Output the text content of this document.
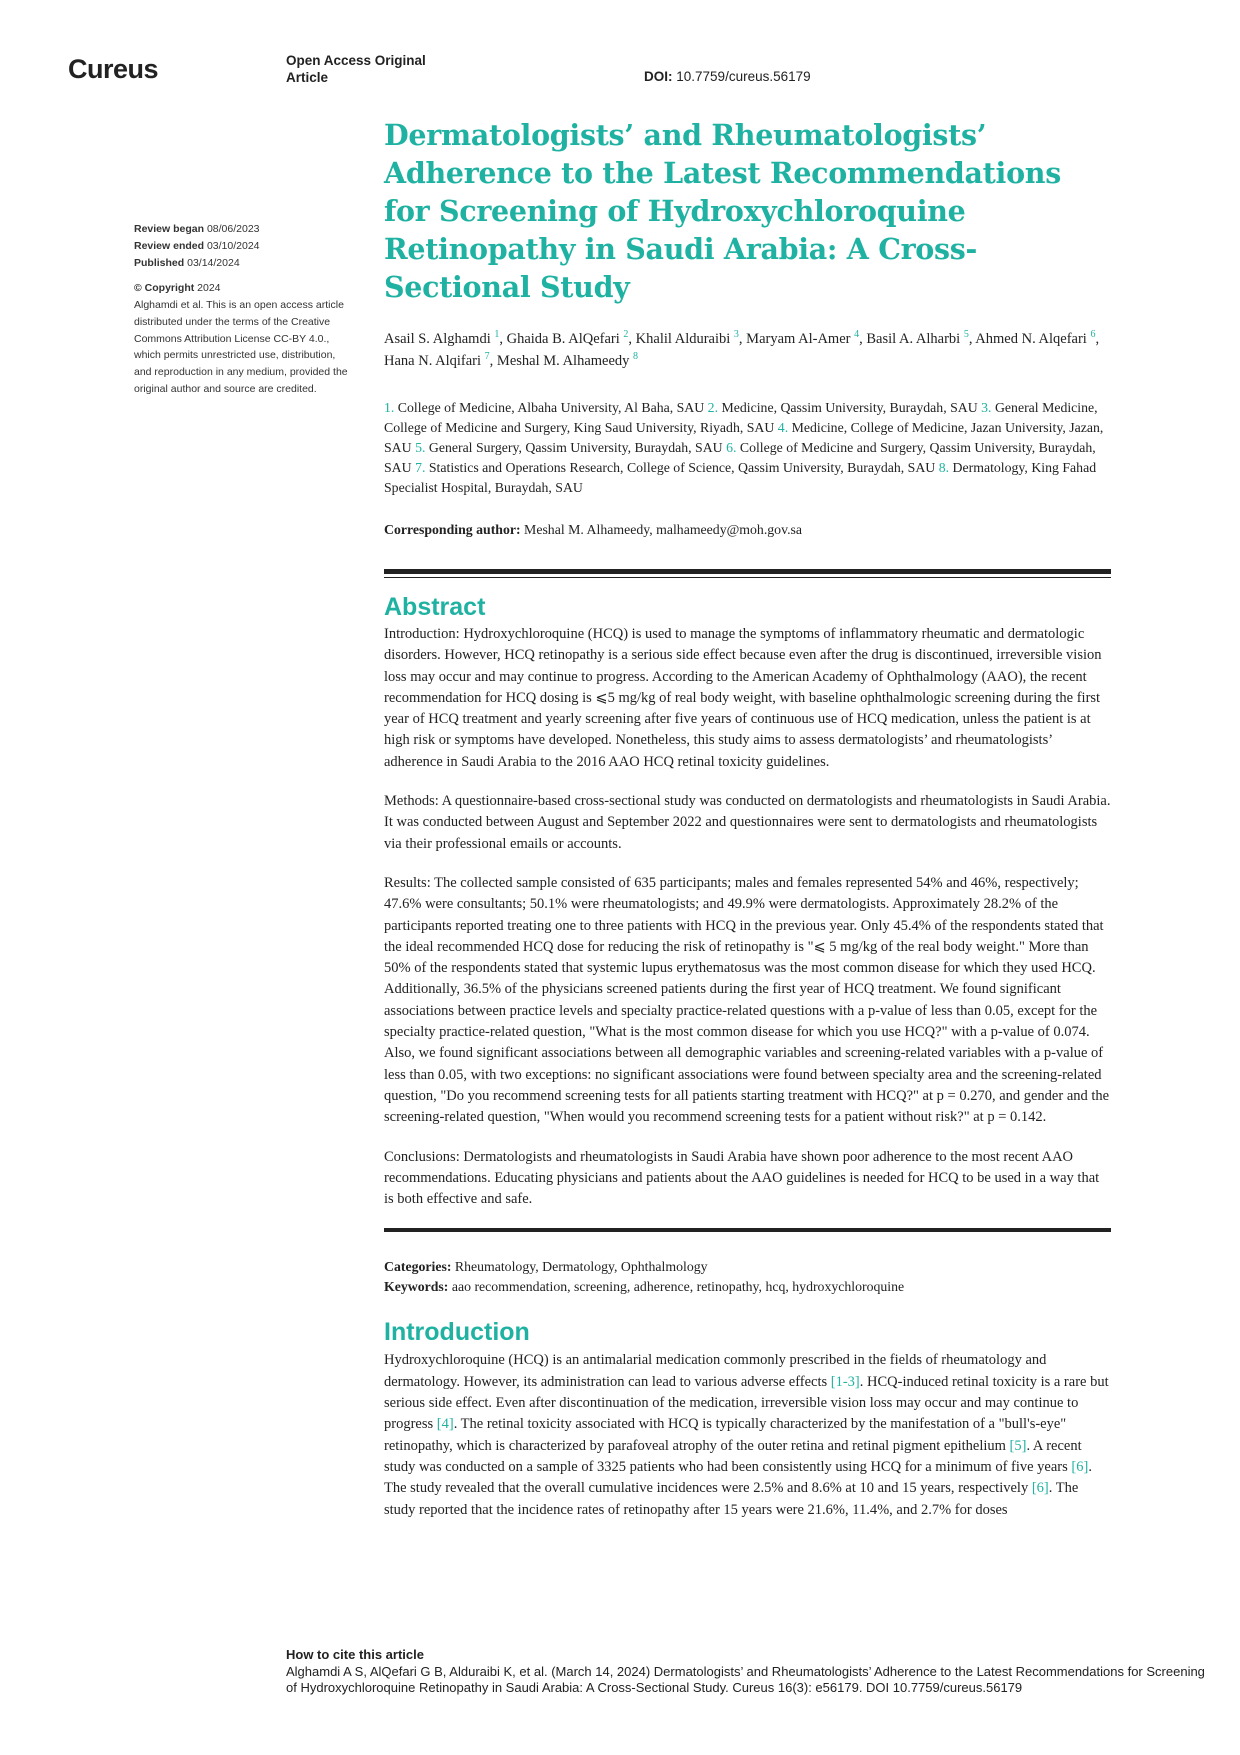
Cureus	Open Access Original Article	DOI: 10.7759/cureus.56179
Review began 08/06/2023
Review ended 03/10/2024
Published 03/14/2024
© Copyright 2024
Alghamdi et al. This is an open access article distributed under the terms of the Creative Commons Attribution License CC-BY 4.0., which permits unrestricted use, distribution, and reproduction in any medium, provided the original author and source are credited.
Dermatologists’ and Rheumatologists’ Adherence to the Latest Recommendations for Screening of Hydroxychloroquine Retinopathy in Saudi Arabia: A Cross-Sectional Study
Asail S. Alghamdi $^1$, Ghaida B. AlQefari $^2$, Khalil Alduraibi $^3$, Maryam Al-Amer $^4$, Basil A. Alharbi $^5$, Ahmed N. Alqefari $^6$, Hana N. Alqifari $^7$, Meshal M. Alhameedy $^8$
1. College of Medicine, Albaha University, Al Baha, SAU 2. Medicine, Qassim University, Buraydah, SAU 3. General Medicine, College of Medicine and Surgery, King Saud University, Riyadh, SAU 4. Medicine, College of Medicine, Jazan University, Jazan, SAU 5. General Surgery, Qassim University, Buraydah, SAU 6. College of Medicine and Surgery, Qassim University, Buraydah, SAU 7. Statistics and Operations Research, College of Science, Qassim University, Buraydah, SAU 8. Dermatology, King Fahad Specialist Hospital, Buraydah, SAU
Corresponding author: Meshal M. Alhameedy, malhameedy@moh.gov.sa
Abstract

Introduction: Hydroxychloroquine (HCQ) is used to manage the symptoms of inflammatory rheumatic and dermatologic disorders. However, HCQ retinopathy is a serious side effect because even after the drug is discontinued, irreversible vision loss may occur and may continue to progress. According to the American Academy of Ophthalmology (AAO), the recent recommendation for HCQ dosing is ⩽5 mg/kg of real body weight, with baseline ophthalmologic screening during the first year of HCQ treatment and yearly screening after five years of continuous use of HCQ medication, unless the patient is at high risk or symptoms have developed. Nonetheless, this study aims to assess dermatologists’ and rheumatologists’ adherence in Saudi Arabia to the 2016 AAO HCQ retinal toxicity guidelines.

Methods: A questionnaire-based cross-sectional study was conducted on dermatologists and rheumatologists in Saudi Arabia. It was conducted between August and September 2022 and questionnaires were sent to dermatologists and rheumatologists via their professional emails or accounts.

Results: The collected sample consisted of 635 participants; males and females represented 54% and 46%, respectively; 47.6% were consultants; 50.1% were rheumatologists; and 49.9% were dermatologists. Approximately 28.2% of the participants reported treating one to three patients with HCQ in the previous year. Only 45.4% of the respondents stated that the ideal recommended HCQ dose for reducing the risk of retinopathy is "⩽ 5 mg/kg of the real body weight." More than 50% of the respondents stated that systemic lupus erythematosus was the most common disease for which they used HCQ. Additionally, 36.5% of the physicians screened patients during the first year of HCQ treatment. We found significant associations between practice levels and specialty practice-related questions with a p-value of less than 0.05, except for the specialty practice-related question, "What is the most common disease for which you use HCQ?" with a p-value of 0.074. Also, we found significant associations between all demographic variables and screening-related variables with a p-value of less than 0.05, with two exceptions: no significant associations were found between specialty area and the screening-related question, "Do you recommend screening tests for all patients starting treatment with HCQ?" at p = 0.270, and gender and the screening-related question, "When would you recommend screening tests for a patient without risk?" at p = 0.142.

Conclusions: Dermatologists and rheumatologists in Saudi Arabia have shown poor adherence to the most recent AAO recommendations. Educating physicians and patients about the AAO guidelines is needed for HCQ to be used in a way that is both effective and safe.

Categories: Rheumatology, Dermatology, Ophthalmology
Keywords: aao recommendation, screening, adherence, retinopathy, hcq, hydroxychloroquine
Introduction

Hydroxychloroquine (HCQ) is an antimalarial medication commonly prescribed in the fields of rheumatology and dermatology. However, its administration can lead to various adverse effects [1-3]. HCQ-induced retinal toxicity is a rare but serious side effect. Even after discontinuation of the medication, irreversible vision loss may occur and may continue to progress [4]. The retinal toxicity associated with HCQ is typically characterized by the manifestation of a "bull's-eye" retinopathy, which is characterized by parafoveal atrophy of the outer retina and retinal pigment epithelium [5]. A recent study was conducted on a sample of 3325 patients who had been consistently using HCQ for a minimum of five years [6]. The study revealed that the overall cumulative incidences were 2.5% and 8.6% at 10 and 15 years, respectively [6]. The study reported that the incidence rates of retinopathy after 15 years were 21.6%, 11.4%, and 2.7% for doses

How to cite this article
Alghamdi A S, AlQefari G B, Alduraibi K, et al. (March 14, 2024) Dermatologists’ and Rheumatologists’ Adherence to the Latest Recommendations for Screening of Hydroxychloroquine Retinopathy in Saudi Arabia: A Cross-Sectional Study. Cureus 16(3): e56179. DOI 10.7759/cureus.56179
